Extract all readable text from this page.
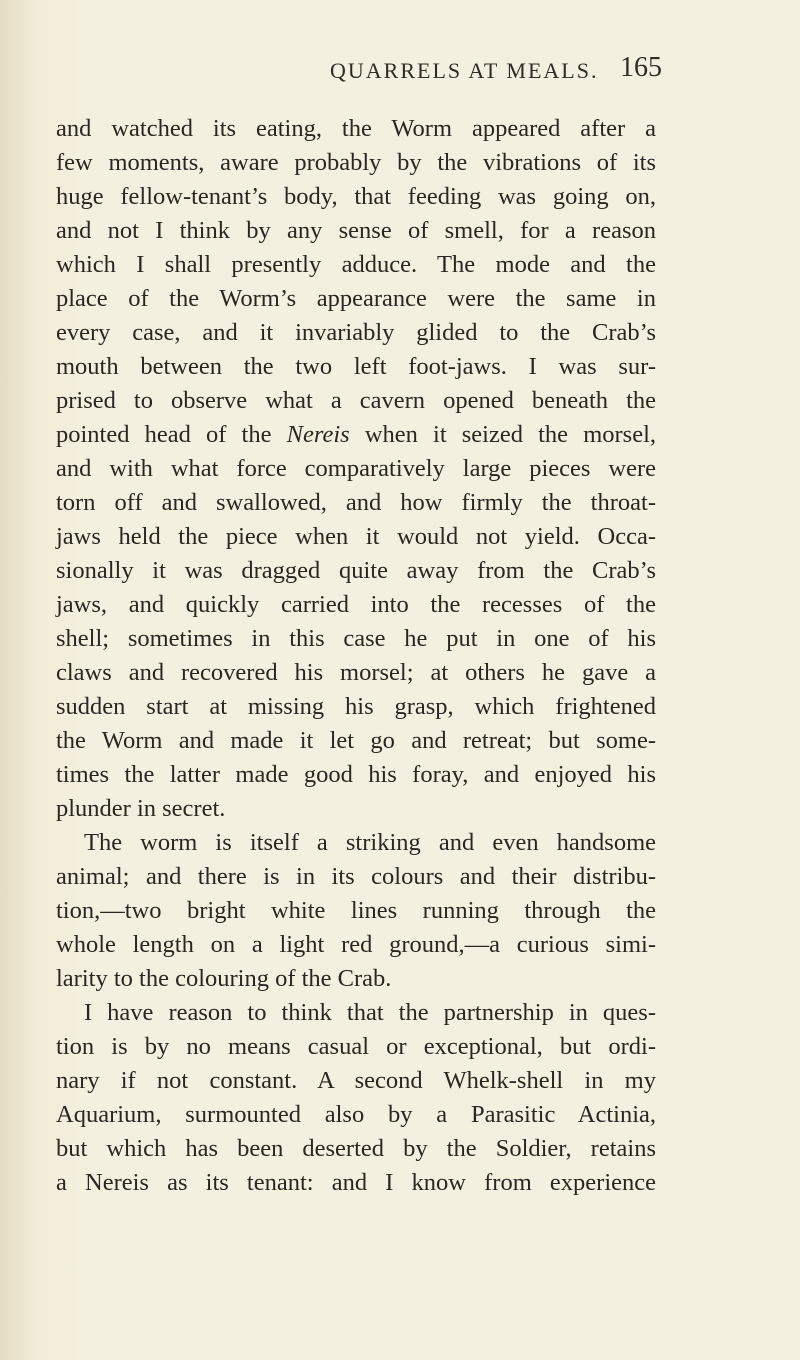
QUARRELS AT MEALS. 165
and watched its eating, the Worm appeared after a
few moments, aware probably by the vibrations of its
huge fellow-tenant’s body, that feeding was going on,
and not I think by any sense of smell, for a reason
which I shall presently adduce. The mode and the
place of the Worm’s appearance were the same in
every case, and it invariably glided to the Crab’s
mouth between the two left foot-jaws. I was sur-
prised to observe what a cavern opened beneath the
pointed head of the Nereis when it seized the morsel,
and with what force comparatively large pieces were
torn off and swallowed, and how firmly the throat-
jaws held the piece when it would not yield. Occa-
sionally it was dragged quite away from the Crab’s
jaws, and quickly carried into the recesses of the
shell; sometimes in this case he put in one of his
claws and recovered his morsel; at others he gave a
sudden start at missing his grasp, which frightened
the Worm and made it let go and retreat; but some-
times the latter made good his foray, and enjoyed his
plunder in secret.
The worm is itself a striking and even handsome
animal; and there is in its colours and their distribu-
tion,—two bright white lines running through the
whole length on a light red ground,—a curious simi-
larity to the colouring of the Crab.
I have reason to think that the partnership in ques-
tion is by no means casual or exceptional, but ordi-
nary if not constant. A second Whelk-shell in my
Aquarium, surmounted also by a Parasitic Actinia,
but which has been deserted by the Soldier, retains
a Nereis as its tenant: and I know from experience
